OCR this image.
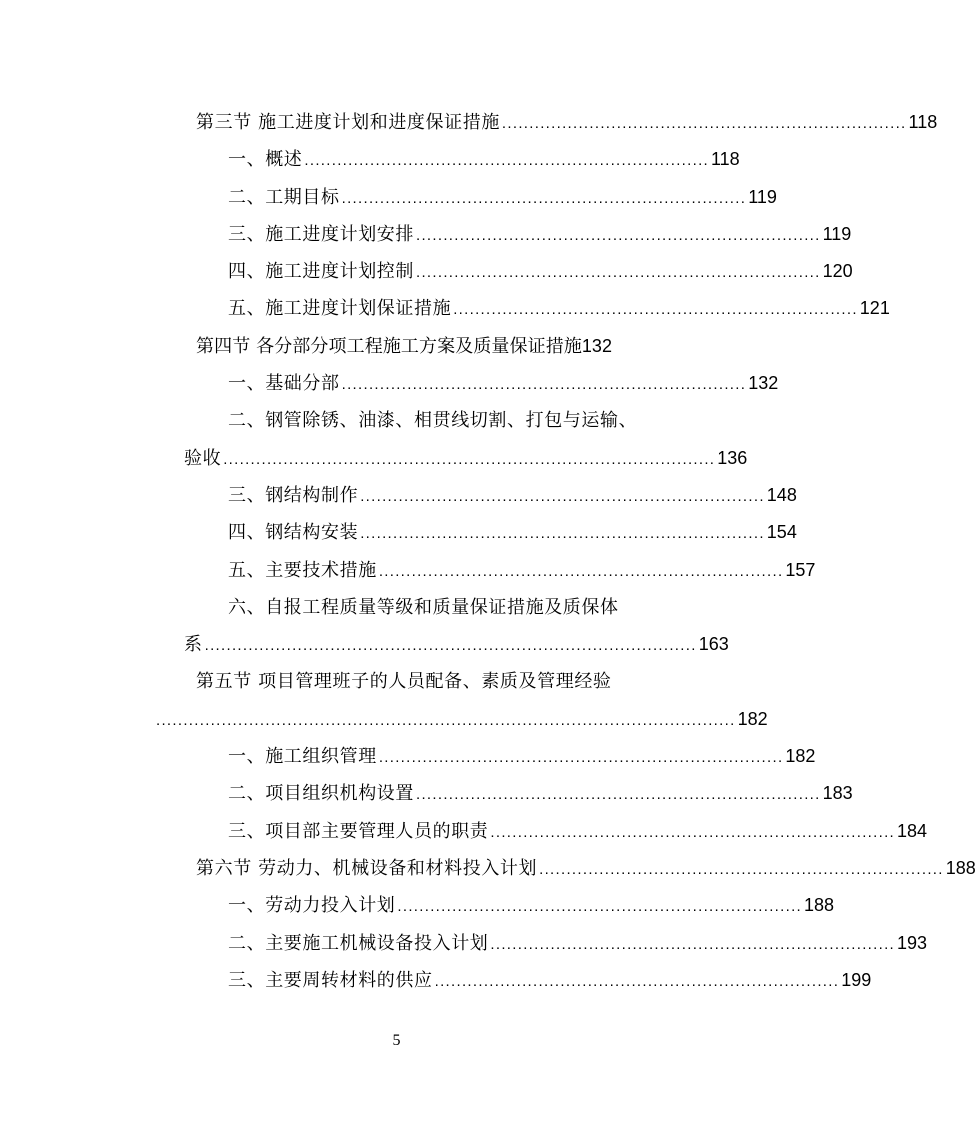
第三节 施工进度计划和进度保证措施 .......................................................................... 118
一、概述 .......................................................................... 118
二、工期目标 .......................................................................... 119
三、施工进度计划安排 .......................................................................... 119
四、施工进度计划控制 .......................................................................... 120
五、施工进度计划保证措施 .......................................................................... 121
第四节 各分部分项工程施工方案及质量保证措施 132
一、基础分部 .......................................................................... 132
二、钢管除锈、油漆、相贯线切割、打包与运输、
验收 .......................................................................................... 136
三、钢结构制作 .......................................................................... 148
四、钢结构安装 .......................................................................... 154
五、主要技术措施 .......................................................................... 157
六、自报工程质量等级和质量保证措施及质保体
系 .......................................................................................... 163
第五节 项目管理班子的人员配备、素质及管理经验
.......................................................................................................... 182
一、施工组织管理 .......................................................................... 182
二、项目组织机构设置 .......................................................................... 183
三、项目部主要管理人员的职责 .......................................................................... 184
第六节 劳动力、机械设备和材料投入计划 .......................................................................... 188
一、劳动力投入计划 .......................................................................... 188
二、主要施工机械设备投入计划 .......................................................................... 193
三、主要周转材料的供应 .......................................................................... 199
5
